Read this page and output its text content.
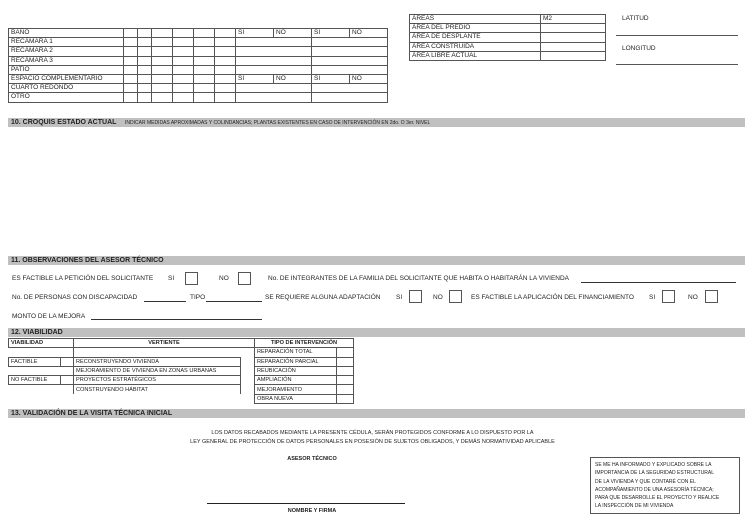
BAÑO							SI	NO	SI	NO
RECÁMARA 1										
RECÁMARA 2										
RECÁMARA 3										
PATIO										
ESPACIO COMPLEMENTARIO							SI	NO	SI	NO
CUARTO REDONDO										
OTRO										
ÁREAS	M2
ÁREA DEL PREDIO	
ÁREA DE DESPLANTE	
ÁREA CONSTRUIDA	
ÁREA LIBRE ACTUAL	
LATITUD
LONGITUD
10. CROQUIS ESTADO ACTUAL INDICAR MEDIDAS APROXIMADAS Y COLINDANCIAS; PLANTAS EXISTENTES EN CASO DE INTERVENCIÓN EN 2do. O 3er. NIVEL
11. OBSERVACIONES DEL ASESOR TÉCNICO
ES FACTIBLE LA PETICIÓN DEL SOLICITANTE SI	NO	No. DE INTEGRANTES DE LA FAMILIA DEL SOLICITANTE QUE HABITA O HABITARÁN LA VIVIENDA
No. DE PERSONAS CON DISCAPACIDAD	TIPO	SE REQUIERE ALGUNA ADAPTACIÓN SI	NO	ES FACTIBLE LA APLICACIÓN DEL FINANCIAMIENTO SI	NO
MONTO DE LA MEJORA
12. VIABILIDAD
VIABILIDAD		VERTIENTE		TIPO DE INTERVENCIÓN	
				REPARACIÓN TOTAL	
FACTIBLE		RECONSTRUYENDO VIVIENDA		REPARACIÓN PARCIAL	
		MEJORAMIENTO DE VIVIENDA EN ZONAS URBANAS		REUBICACIÓN	
NO FACTIBLE		PROYECTOS ESTRATÉGICOS		AMPLIACIÓN	
		CONSTRUYENDO HÁBITAT		MEJORAMIENTO	
				OBRA NUEVA	
13. VALIDACIÓN DE LA VISITA TÉCNICA INICIAL
LOS DATOS RECABADOS MEDIANTE LA PRESENTE CÉDULA, SERÁN PROTEGIDOS CONFORME A LO DISPUESTO POR LA
LEY GENERAL DE PROTECCIÓN DE DATOS PERSONALES EN POSESIÓN DE SUJETOS OBLIGADOS, Y DEMÁS NORMATIVIDAD APLICABLE
ASESOR TÉCNICO
NOMBRE Y FIRMA
SE ME HA INFORMADO Y EXPLICADO SOBRE LA
IMPORTANCIA DE LA SEGURIDAD ESTRUCTURAL
DE LA VIVIENDA Y QUE CONTARÉ CON EL
ACOMPAÑAMIENTO DE UNA ASESORÍA TÉCNICA;
PARA QUE DESARROLLE EL PROYECTO Y REALICE
LA INSPECCIÓN DE MI VIVIENDA
